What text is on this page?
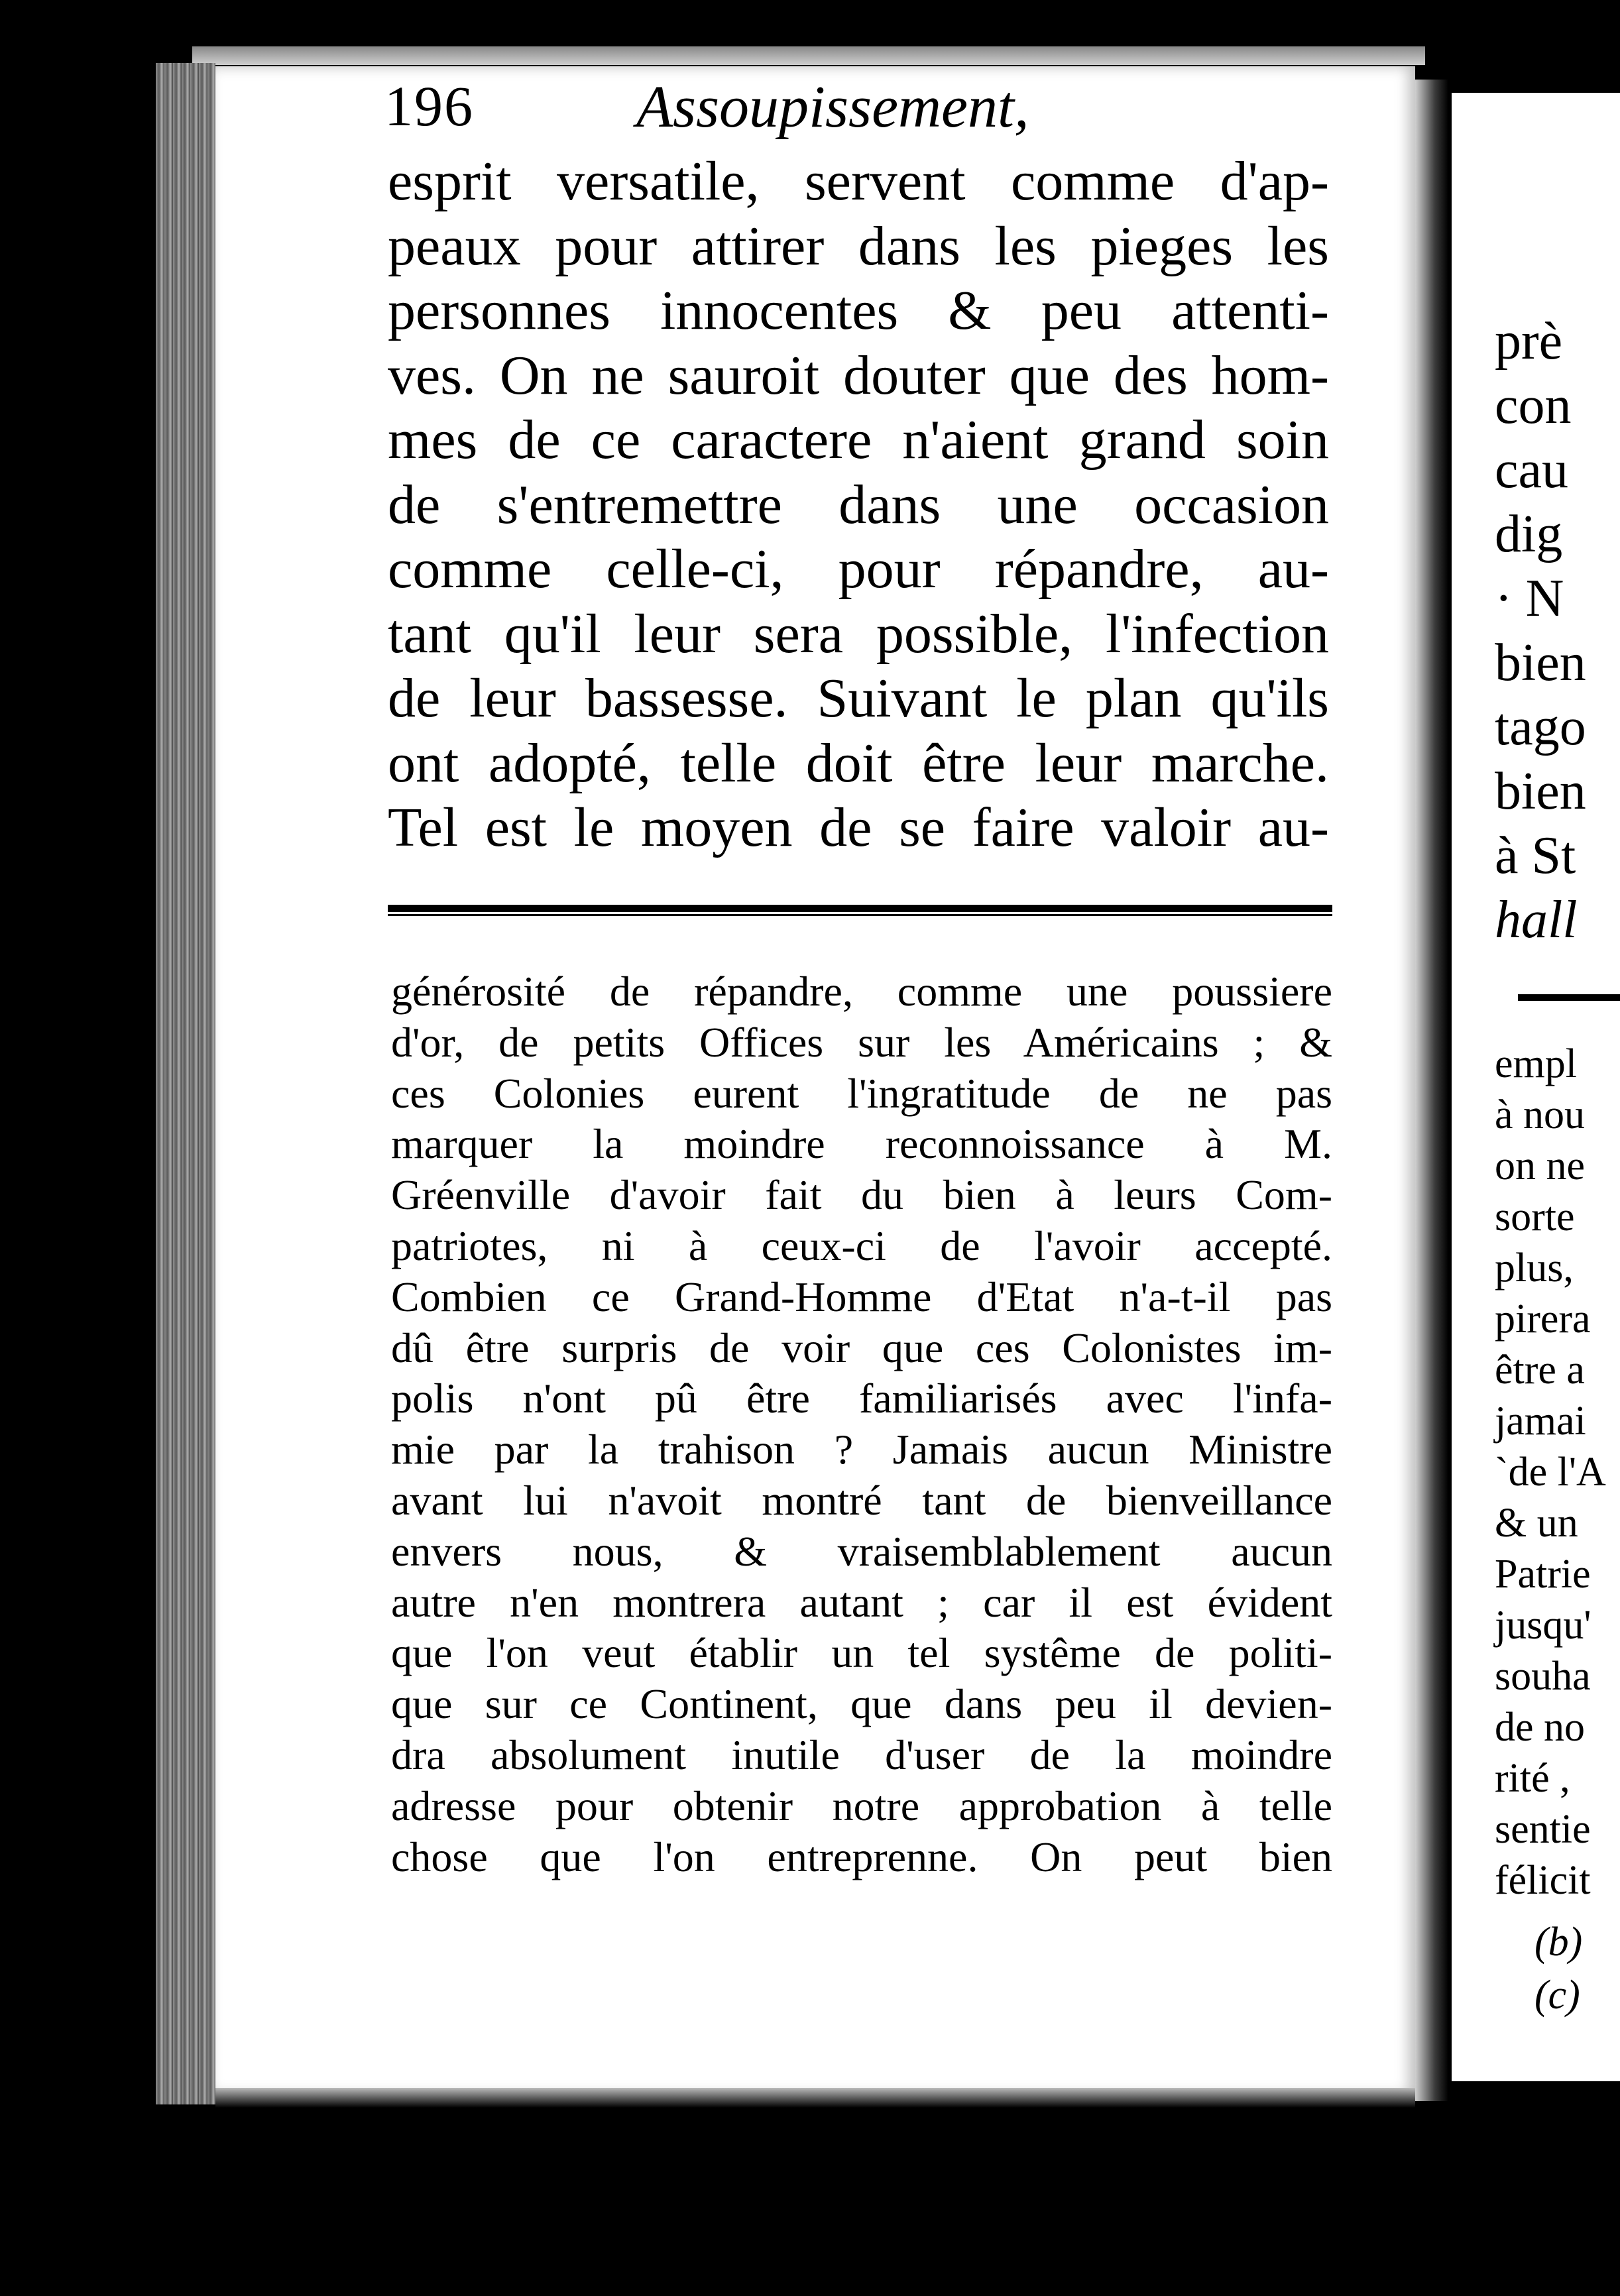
196	Assoupissement,
esprit versatile, servent comme d'ap-
peaux pour attirer dans les pieges les
personnes innocentes & peu attenti-
ves. On ne sauroit douter que des hom-
mes de ce caractere n'aient grand soin
de s'entremettre dans une occasion
comme celle-ci, pour répandre, au-
tant qu'il leur sera possible, l'infection
de leur bassesse. Suivant le plan qu'ils
ont adopté, telle doit être leur marche.
Tel est le moyen de se faire valoir au-
générosité de répandre, comme une poussiere
d'or, de petits Offices sur les Américains ; &
ces Colonies eurent l'ingratitude de ne pas
marquer la moindre reconnoissance à M.
Gréenville d'avoir fait du bien à leurs Com-
patriotes, ni à ceux-ci de l'avoir accepté.
Combien ce Grand-Homme d'Etat n'a-t-il pas
dû être surpris de voir que ces Colonistes im-
polis n'ont pû être familiarisés avec l'infa-
mie par la trahison ? Jamais aucun Ministre
avant lui n'avoit montré tant de bienveillance
envers nous, & vraisemblablement aucun
autre n'en montrera autant ; car il est évident
que l'on veut établir un tel systême de politi-
que sur ce Continent, que dans peu il devien-
dra absolument inutile d'user de la moindre
adresse pour obtenir notre approbation à telle
chose que l'on entreprenne. On peut bien
prè
con
cau
dig
· N
bien
tago
bien
à St
hall
empl
à nou
on ne
sorte
plus,
pirera
être a
jamai
`de l'A
& un
Patrie
jusqu'
souha
de no
rité ,
sentie
félicit
(b)
(c)
